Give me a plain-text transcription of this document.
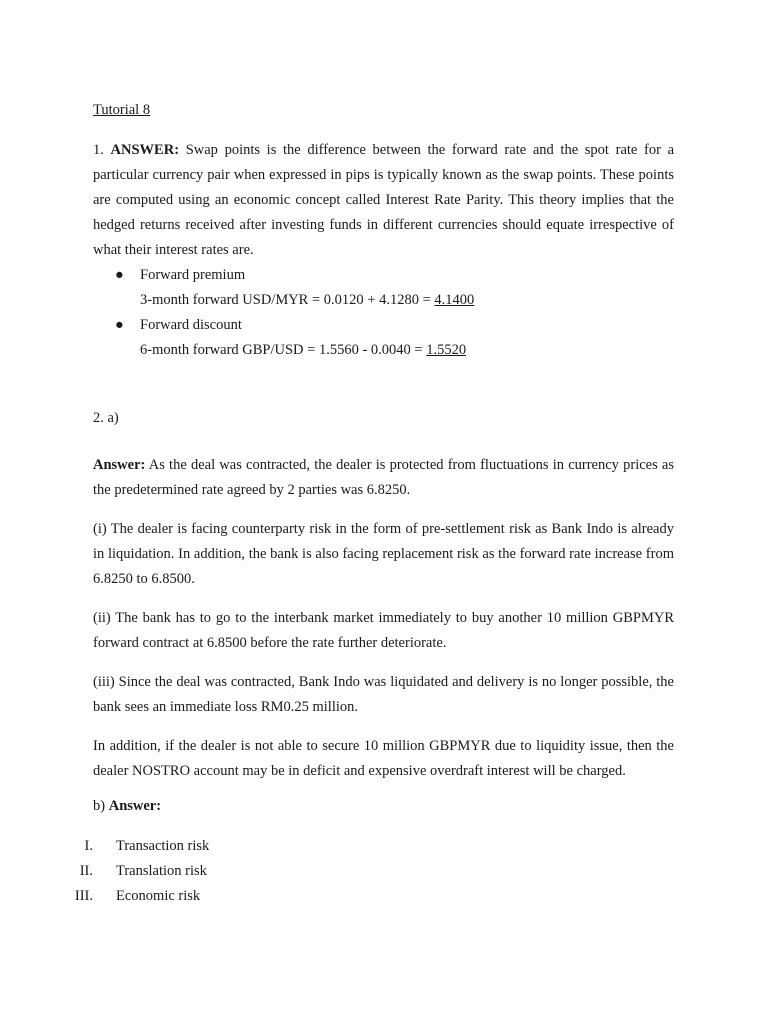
Tutorial 8

1. ANSWER: Swap points is the difference between the forward rate and the spot rate for a particular currency pair when expressed in pips is typically known as the swap points. These points are computed using an economic concept called Interest Rate Parity. This theory implies that the hedged returns received after investing funds in different currencies should equate irrespective of what their interest rates are.

● Forward premium
3-month forward USD/MYR = 0.0120 + 4.1280 = 4.1400
● Forward discount
6-month forward GBP/USD = 1.5560 - 0.0040 = 1.5520
2. a)

Answer: As the deal was contracted, the dealer is protected from fluctuations in currency prices as the predetermined rate agreed by 2 parties was 6.8250.

(i) The dealer is facing counterparty risk in the form of pre-settlement risk as Bank Indo is already in liquidation. In addition, the bank is also facing replacement risk as the forward rate increase from 6.8250 to 6.8500.

(ii) The bank has to go to the interbank market immediately to buy another 10 million GBPMYR forward contract at 6.8500 before the rate further deteriorate.

(iii) Since the deal was contracted, Bank Indo was liquidated and delivery is no longer possible, the bank sees an immediate loss RM0.25 million.

In addition, if the dealer is not able to secure 10 million GBPMYR due to liquidity issue, then the dealer NOSTRO account may be in deficit and expensive overdraft interest will be charged.

b) Answer:
I. Transaction risk
II. Translation risk
III. Economic risk
